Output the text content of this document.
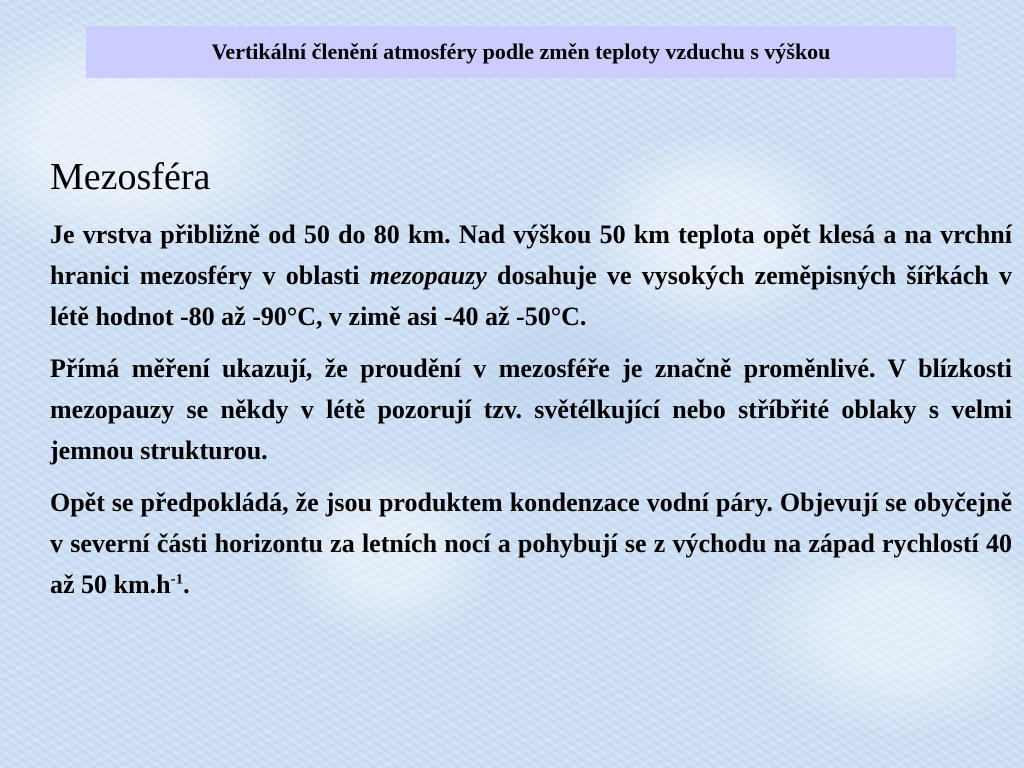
Vertikální členění atmosféry podle změn teploty vzduchu s výškou
Mezosféra

Je vrstva přibližně od 50 do 80 km. Nad výškou 50 km teplota opět klesá a na vrchní hranici mezosféry v oblasti mezopauzy dosahuje ve vysokých zeměpisných šířkách v létě hodnot -80 až -90°C, v zimě asi -40 až -50°C.

Přímá měření ukazují, že proudění v mezosféře je značně proměnlivé. V blízkosti mezopauzy se někdy v létě pozorují tzv. světélkující nebo stříbřité oblaky s velmi jemnou strukturou.

Opět se předpokládá, že jsou produktem kondenzace vodní páry. Objevují se obyčejně v severní části horizontu za letních nocí a pohybují se z východu na západ rychlostí 40 až 50 $km.h^{-1}$.
